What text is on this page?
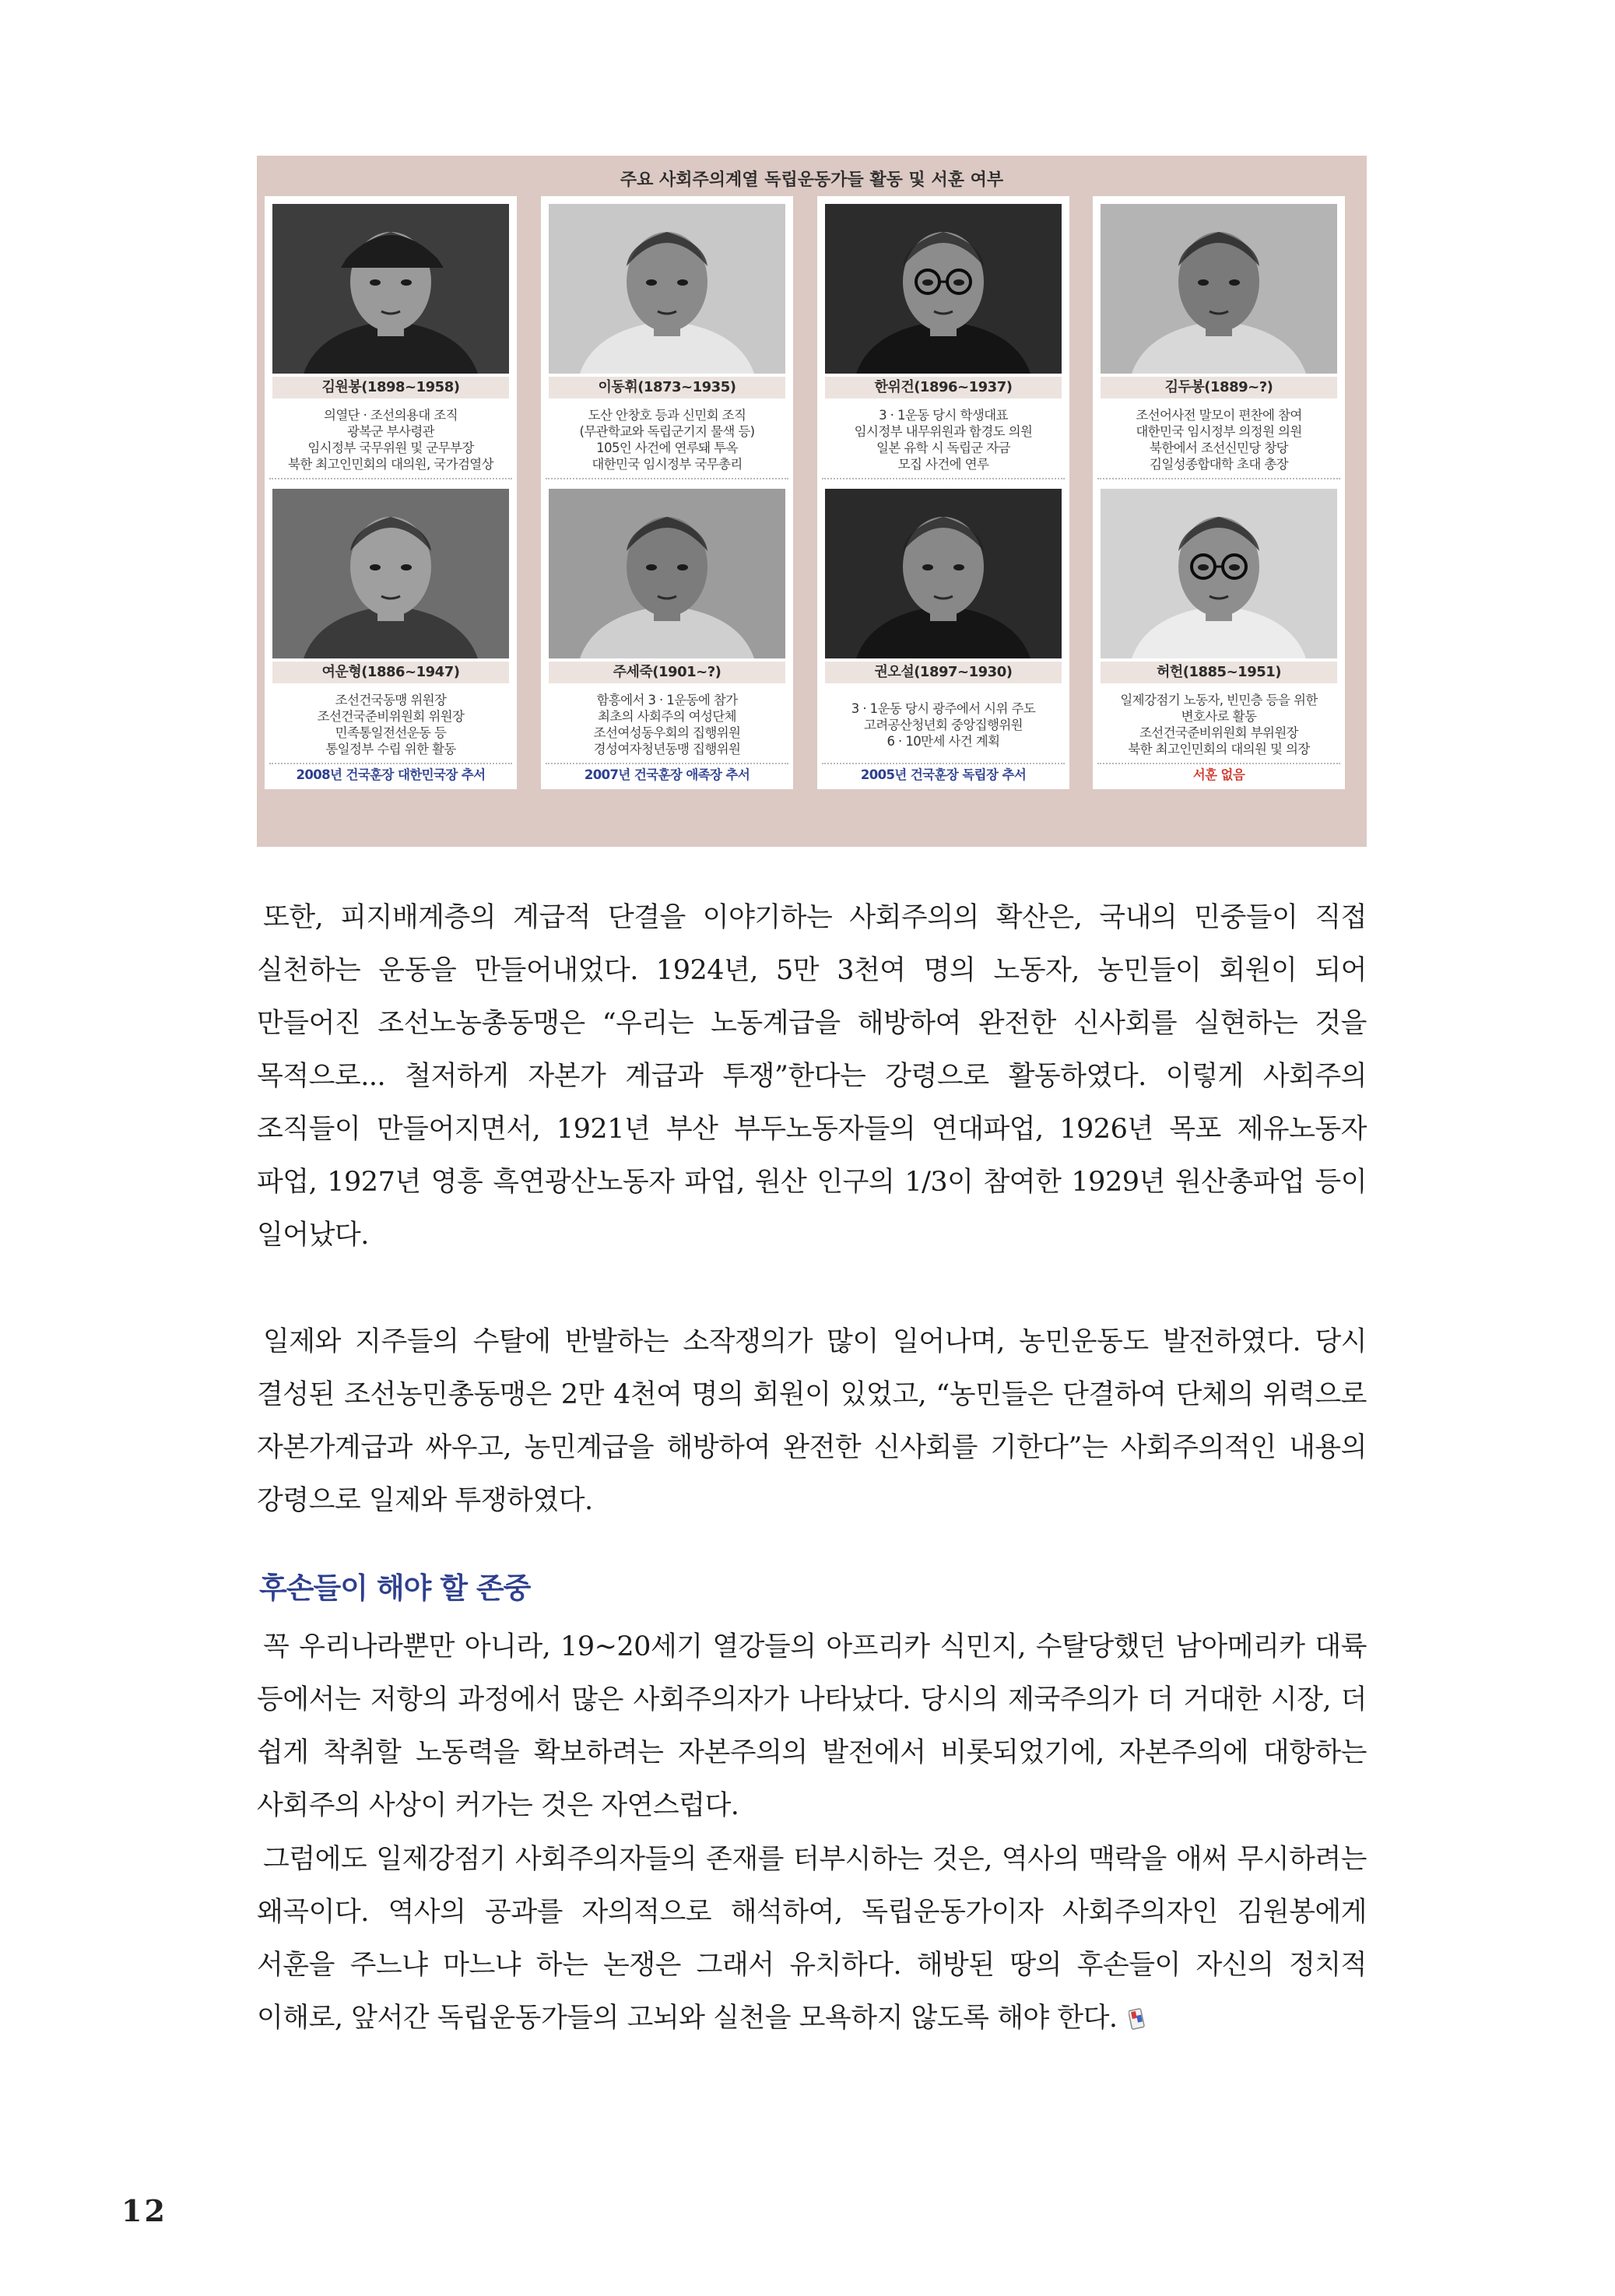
주요 사회주의계열 독립운동가들 활동 및 서훈 여부
김원봉(1898~1958)
의열단 · 조선의용대 조직
광복군 부사령관
임시정부 국무위원 및 군무부장
북한 최고인민회의 대의원, 국가검열상
이동휘(1873~1935)
도산 안창호 등과 신민회 조직
(무관학교와 독립군기지 물색 등)
105인 사건에 연루돼 투옥
대한민국 임시정부 국무총리
한위건(1896~1937)
3 · 1운동 당시 학생대표
임시정부 내무위원과 함경도 의원
일본 유학 시 독립군 자금
모집 사건에 연루
김두봉(1889~?)
조선어사전 말모이 편찬에 참여
대한민국 임시정부 의정원 의원
북한에서 조선신민당 창당
김일성종합대학 초대 총장
여운형(1886~1947)
조선건국동맹 위원장
조선건국준비위원회 위원장
민족통일전선운동 등
통일정부 수립 위한 활동
2008년 건국훈장 대한민국장 추서
주세죽(1901~?)
함흥에서 3 · 1운동에 참가
최초의 사회주의 여성단체
조선여성동우회의 집행위원
경성여자청년동맹 집행위원
2007년 건국훈장 애족장 추서
권오설(1897~1930)
3 · 1운동 당시 광주에서 시위 주도
고려공산청년회 중앙집행위원
6 · 10만세 사건 계획
2005년 건국훈장 독립장 추서
허헌(1885~1951)
일제강점기 노동자, 빈민층 등을 위한
변호사로 활동
조선건국준비위원회 부위원장
북한 최고인민회의 대의원 및 의장
서훈 없음
또한, 피지배계층의 계급적 단결을 이야기하는 사회주의의 확산은, 국내의 민중들이 직접 실천하는 운동을 만들어내었다. 1924년, 5만 3천여 명의 노동자, 농민들이 회원이 되어 만들어진 조선노농총동맹은 “우리는 노동계급을 해방하여 완전한 신사회를 실현하는 것을 목적으로... 철저하게 자본가 계급과 투쟁”한다는 강령으로 활동하였다. 이렇게 사회주의 조직들이 만들어지면서, 1921년 부산 부두노동자들의 연대파업, 1926년 목포 제유노동자 파업, 1927년 영흥 흑연광산노동자 파업, 원산 인구의 1/3이 참여한 1929년 원산총파업 등이 일어났다.
일제와 지주들의 수탈에 반발하는 소작쟁의가 많이 일어나며, 농민운동도 발전하였다. 당시 결성된 조선농민총동맹은 2만 4천여 명의 회원이 있었고, “농민들은 단결하여 단체의 위력으로 자본가계급과 싸우고, 농민계급을 해방하여 완전한 신사회를 기한다”는 사회주의적인 내용의 강령으로 일제와 투쟁하였다.
후손들이 해야 할 존중
꼭 우리나라뿐만 아니라, 19~20세기 열강들의 아프리카 식민지, 수탈당했던 남아메리카 대륙 등에서는 저항의 과정에서 많은 사회주의자가 나타났다. 당시의 제국주의가 더 거대한 시장, 더 쉽게 착취할 노동력을 확보하려는 자본주의의 발전에서 비롯되었기에, 자본주의에 대항하는 사회주의 사상이 커가는 것은 자연스럽다.
그럼에도 일제강점기 사회주의자들의 존재를 터부시하는 것은, 역사의 맥락을 애써 무시하려는 왜곡이다. 역사의 공과를 자의적으로 해석하여, 독립운동가이자 사회주의자인 김원봉에게 서훈을 주느냐 마느냐 하는 논쟁은 그래서 유치하다. 해방된 땅의 후손들이 자신의 정치적 이해로, 앞서간 독립운동가들의 고뇌와 실천을 모욕하지 않도록 해야 한다.
12
